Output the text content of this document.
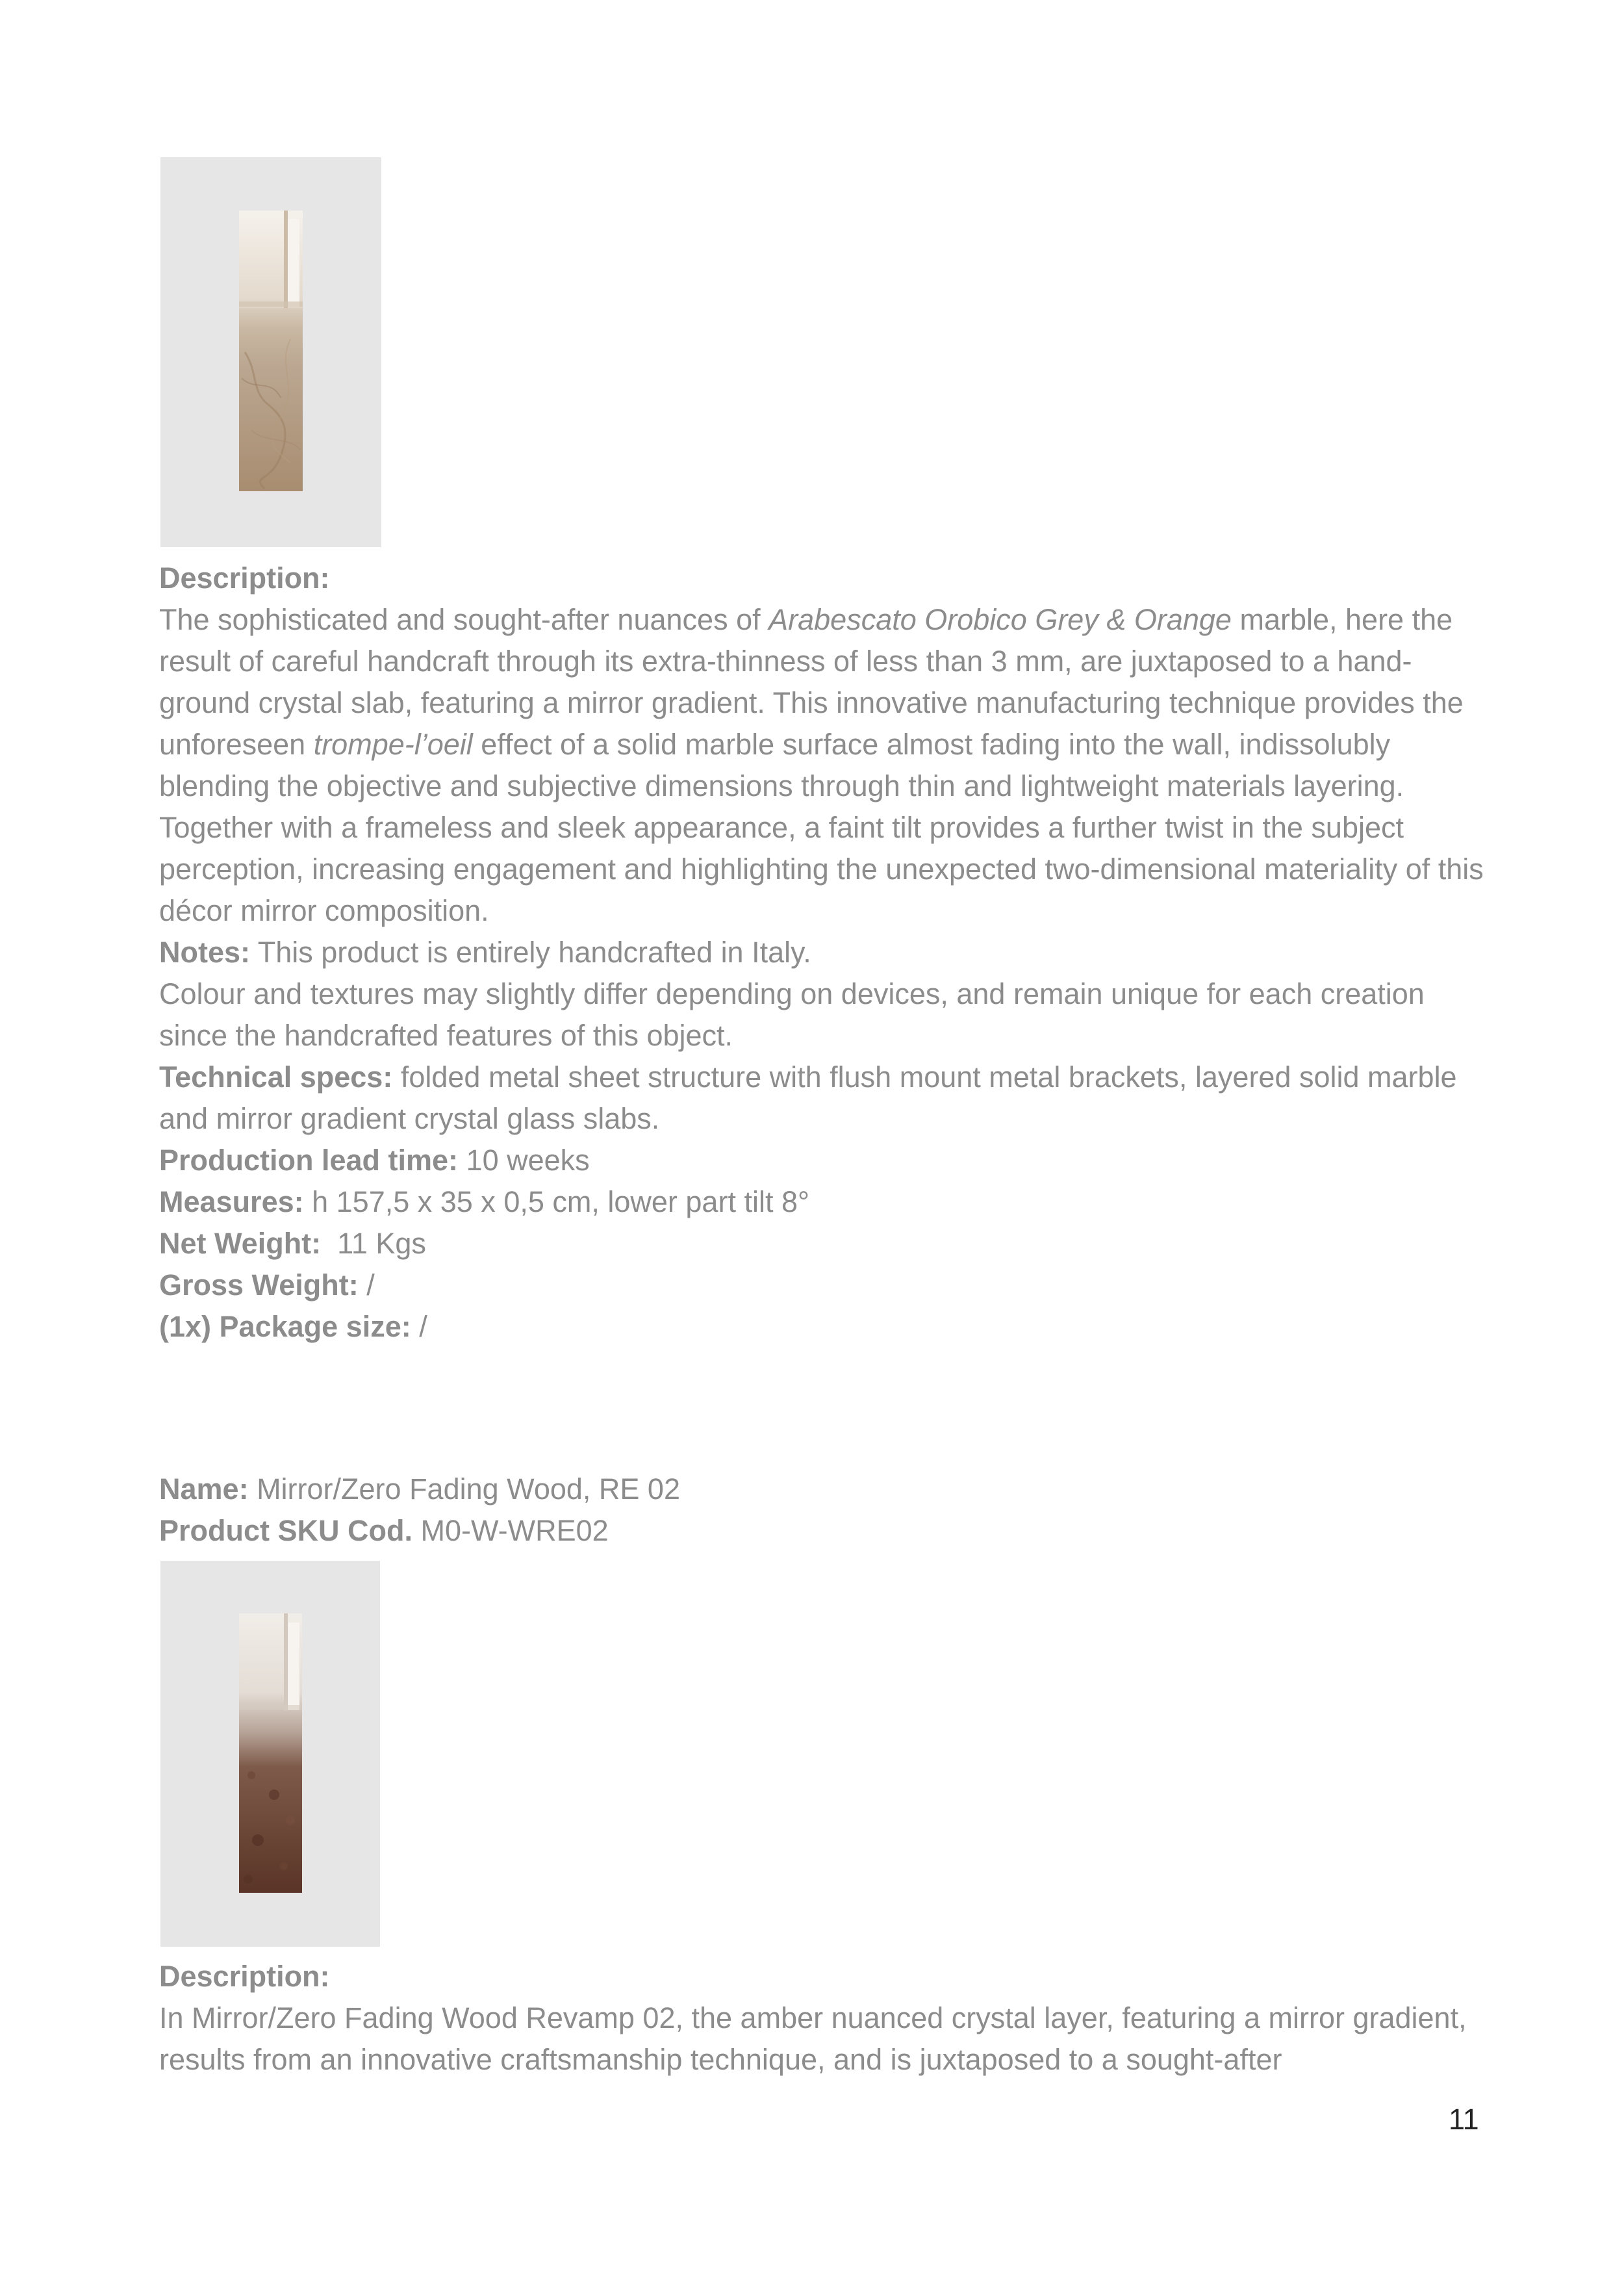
Description:

The sophisticated and sought-after nuances of Arabescato Orobico Grey & Orange marble, here the result of careful handcraft through its extra-thinness of less than 3 mm, are juxtaposed to a hand-ground crystal slab, featuring a mirror gradient. This innovative manufacturing technique provides the unforeseen trompe-l’oeil effect of a solid marble surface almost fading into the wall, indissolubly blending the objective and subjective dimensions through thin and lightweight materials layering. Together with a frameless and sleek appearance, a faint tilt provides a further twist in the subject perception, increasing engagement and highlighting the unexpected two-dimensional materiality of this décor mirror composition.

Notes: This product is entirely handcrafted in Italy.

Colour and textures may slightly differ depending on devices, and remain unique for each creation since the handcrafted features of this object.

Technical specs: folded metal sheet structure with flush mount metal brackets, layered solid marble and mirror gradient crystal glass slabs.

Production lead time: 10 weeks

Measures: h 157,5 x 35 x 0,5 cm, lower part tilt 8°

Net Weight:  11 Kgs

Gross Weight: /

(1x) Package size: /

Name: Mirror/Zero Fading Wood, RE 02

Product SKU Cod. M0-W-WRE02

Description:

In Mirror/Zero Fading Wood Revamp 02, the amber nuanced crystal layer, featuring a mirror gradient, results from an innovative craftsmanship technique, and is juxtaposed to a sought-after

11
